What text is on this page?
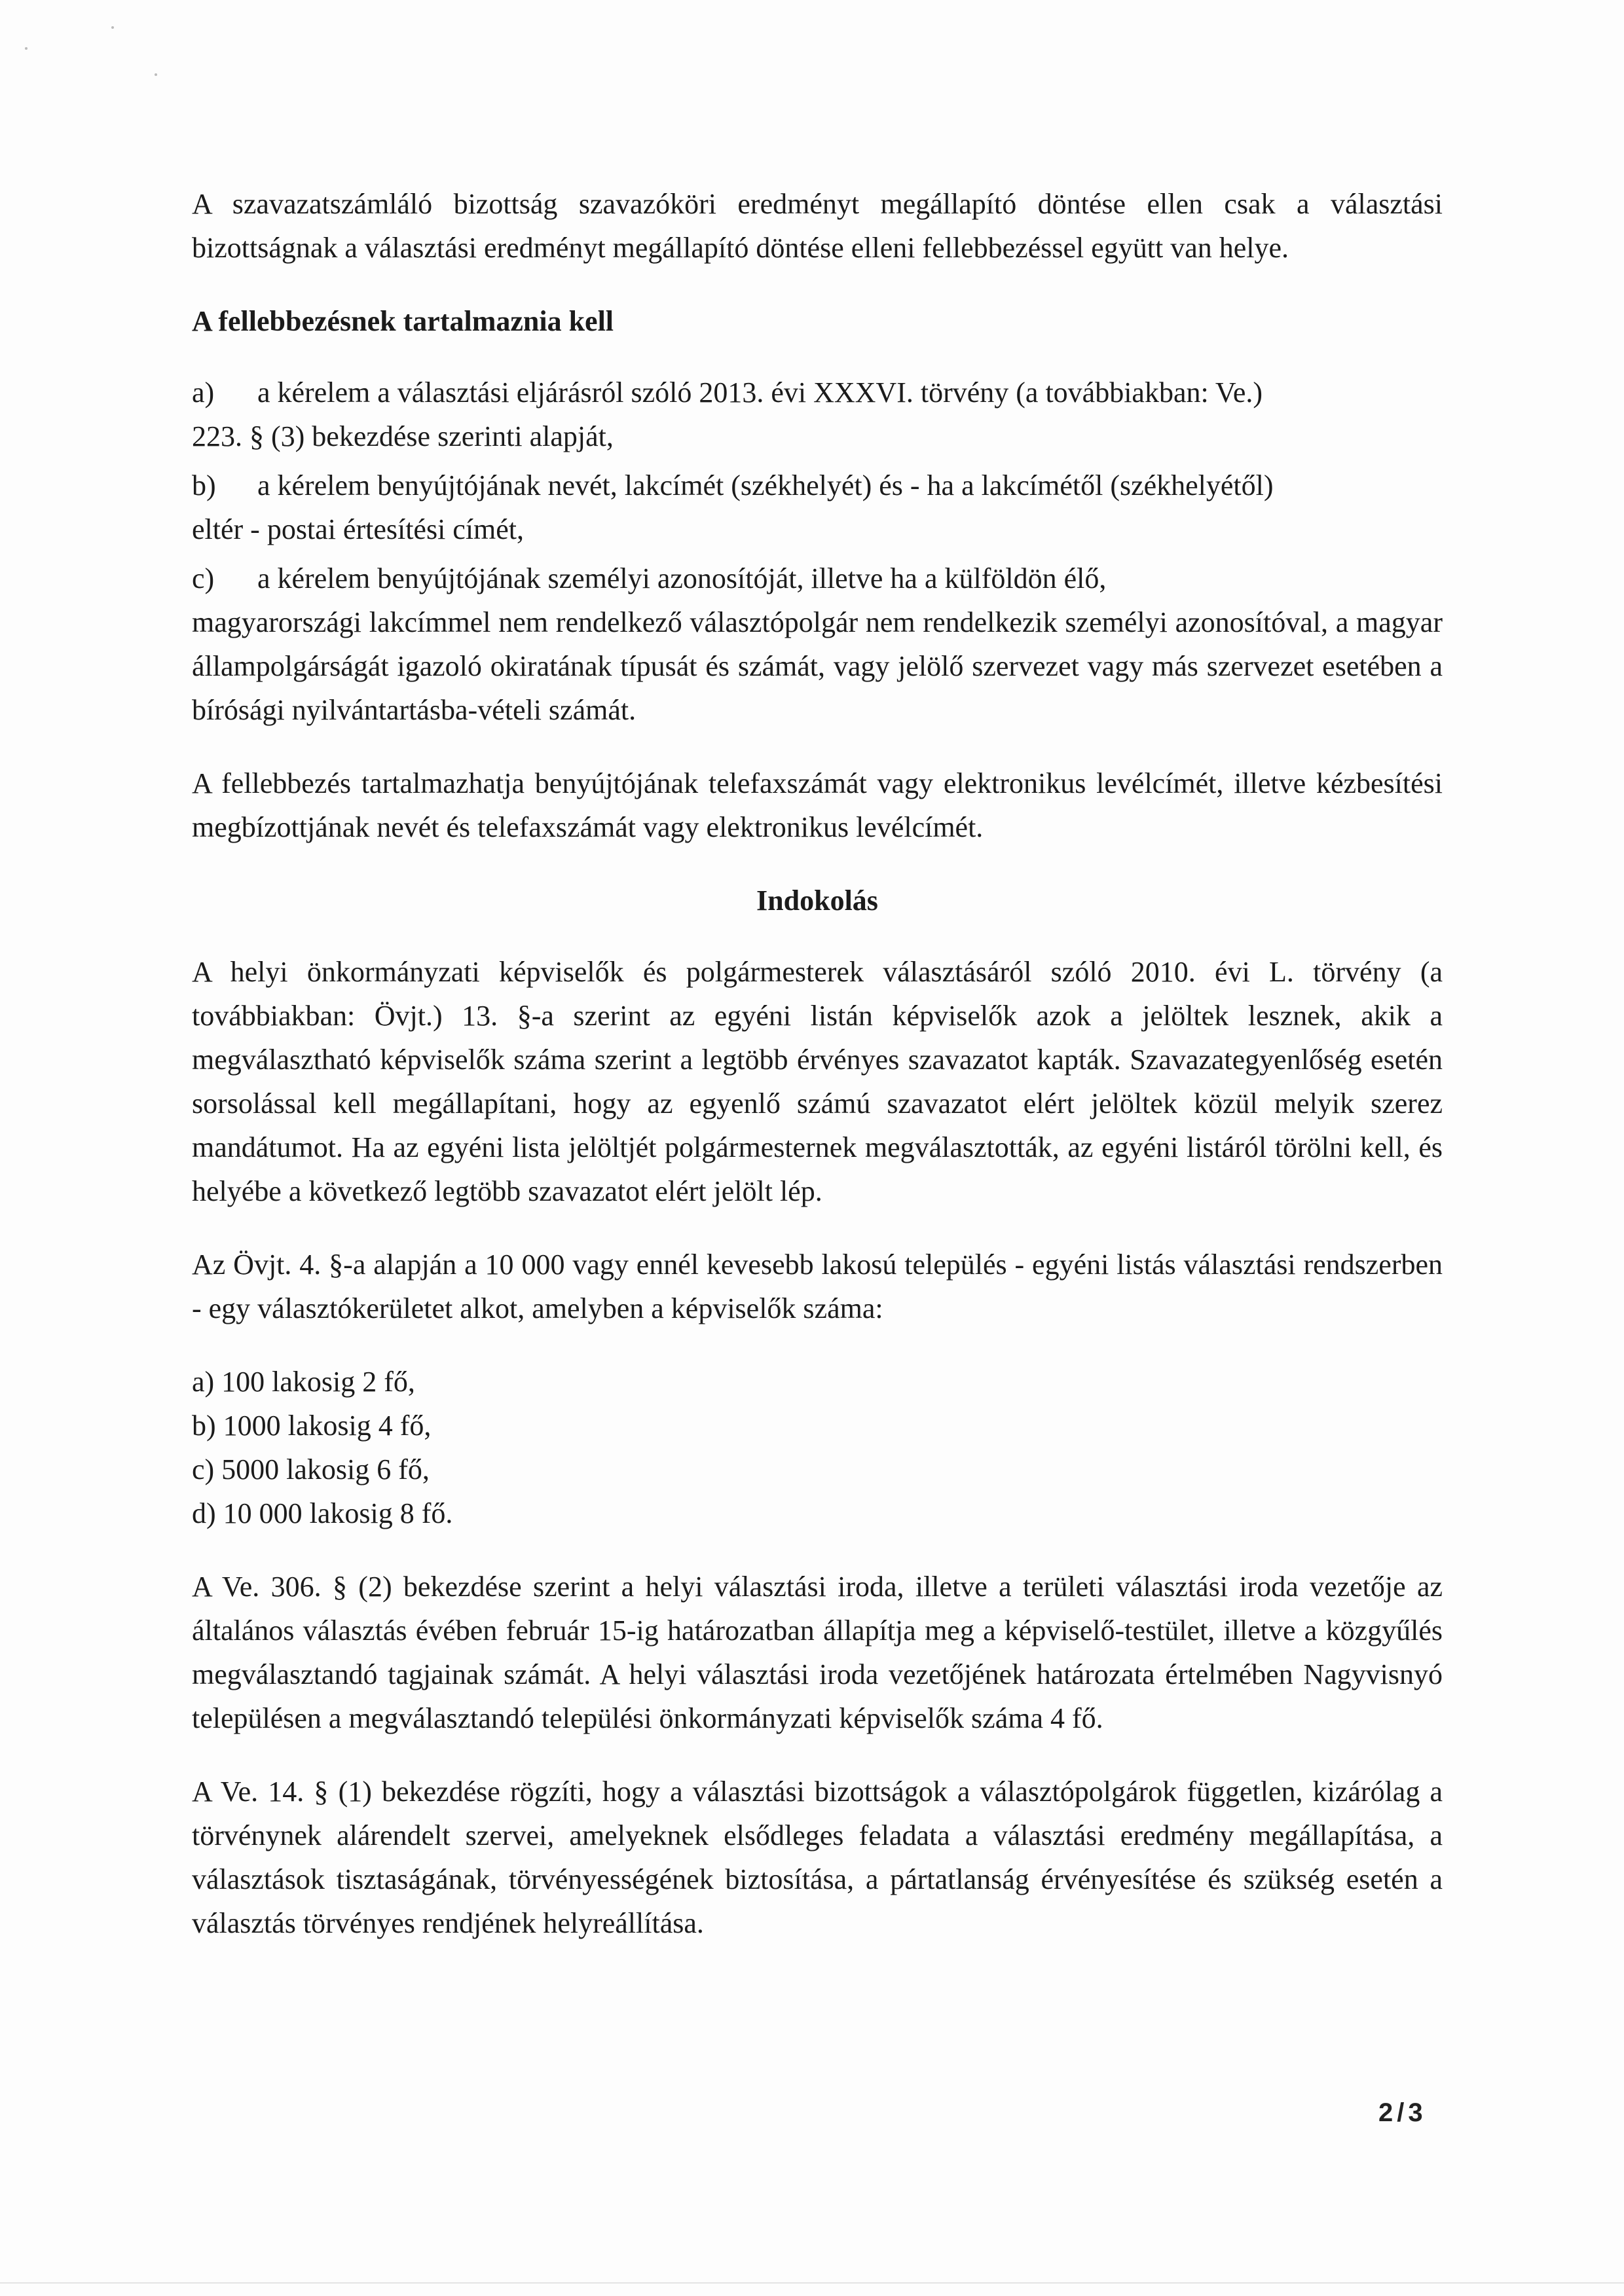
A szavazatszámláló bizottság szavazóköri eredményt megállapító döntése ellen csak a választási bizottságnak a választási eredményt megállapító döntése elleni fellebbezéssel együtt van helye.

A fellebbezésnek tartalmaznia kell

a)	a kérelem a választási eljárásról szóló 2013. évi XXXVI. törvény (a továbbiakban: Ve.)
223. § (3) bekezdése szerinti alapját,
b)	a kérelem benyújtójának nevét, lakcímét (székhelyét) és - ha a lakcímétől (székhelyétől)
eltér - postai értesítési címét,
c)	a kérelem benyújtójának személyi azonosítóját, illetve ha a külföldön élő,
magyarországi lakcímmel nem rendelkező választópolgár nem rendelkezik személyi azonosítóval, a magyar állampolgárságát igazoló okiratának típusát és számát, vagy jelölő szervezet vagy más szervezet esetében a bírósági nyilvántartásba-vételi számát.

A fellebbezés tartalmazhatja benyújtójának telefaxszámát vagy elektronikus levélcímét, illetve kézbesítési megbízottjának nevét és telefaxszámát vagy elektronikus levélcímét.

Indokolás

A helyi önkormányzati képviselők és polgármesterek választásáról szóló 2010. évi L. törvény (a továbbiakban: Övjt.) 13. §-a szerint az egyéni listán képviselők azok a jelöltek lesznek, akik a megválasztható képviselők száma szerint a legtöbb érvényes szavazatot kapták. Szavazategyenlőség esetén sorsolással kell megállapítani, hogy az egyenlő számú szavazatot elért jelöltek közül melyik szerez mandátumot. Ha az egyéni lista jelöltjét polgármesternek megválasztották, az egyéni listáról törölni kell, és helyébe a következő legtöbb szavazatot elért jelölt lép.

Az Övjt. 4. §-a alapján a 10 000 vagy ennél kevesebb lakosú település - egyéni listás választási rendszerben - egy választókerületet alkot, amelyben a képviselők száma:

a) 100 lakosig 2 fő,

b) 1000 lakosig 4 fő,

c) 5000 lakosig 6 fő,

d) 10 000 lakosig 8 fő.

A Ve. 306. § (2) bekezdése szerint a helyi választási iroda, illetve a területi választási iroda vezetője az általános választás évében február 15-ig határozatban állapítja meg a képviselő-testület, illetve a közgyűlés megválasztandó tagjainak számát. A helyi választási iroda vezetőjének határozata értelmében Nagyvisnyó településen a megválasztandó települési önkormányzati képviselők száma 4 fő.

A Ve. 14. § (1) bekezdése rögzíti, hogy a választási bizottságok a választópolgárok független, kizárólag a törvénynek alárendelt szervei, amelyeknek elsődleges feladata a választási eredmény megállapítása, a választások tisztaságának, törvényességének biztosítása, a pártatlanság érvényesítése és szükség esetén a választás törvényes rendjének helyreállítása.

2/3
